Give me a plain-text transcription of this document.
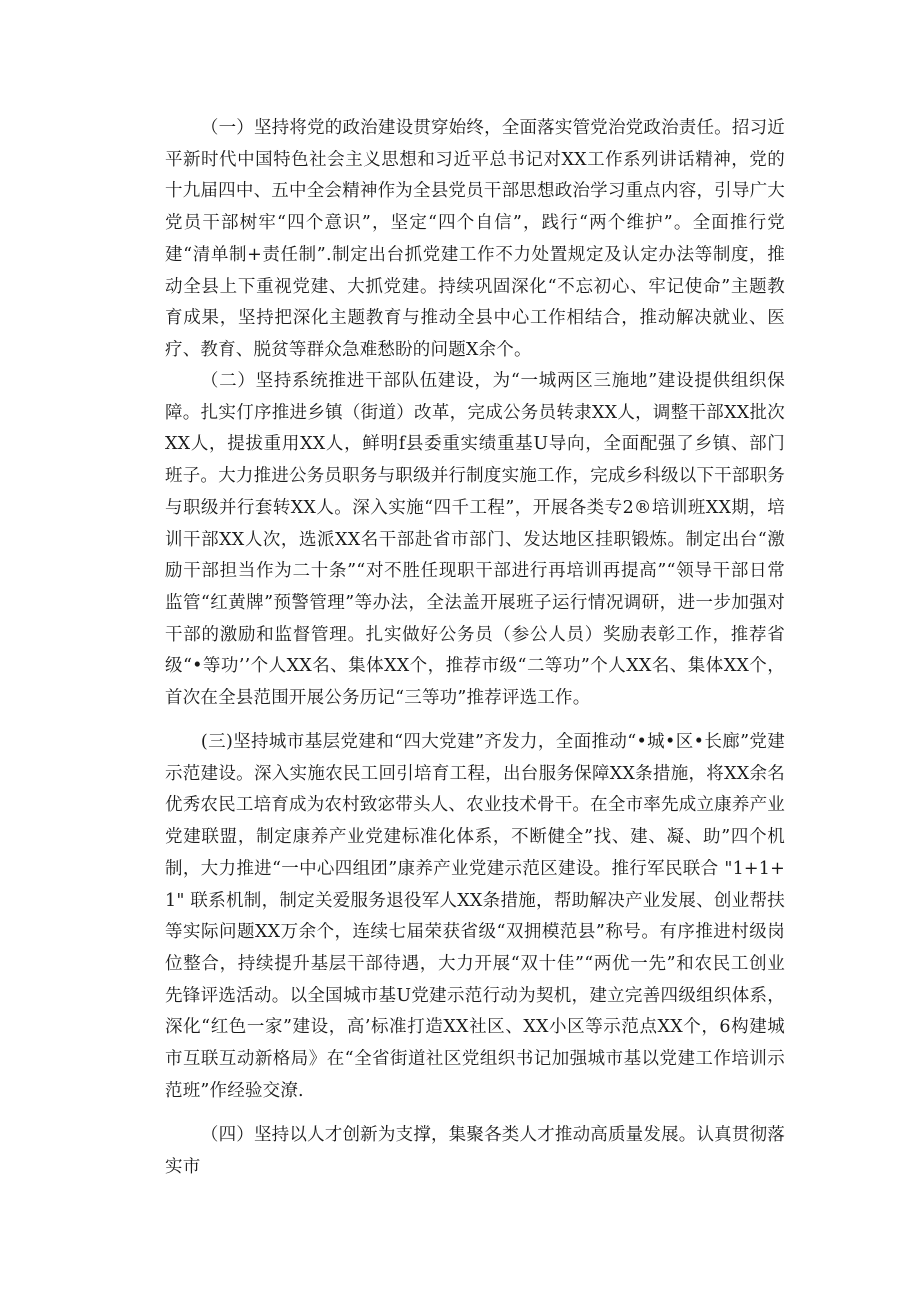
（一）坚持将党的政治建设贯穿始终，全面落实管党治党政治责任。招习近平新时代中国特色社会主义思想和习近平总书记对XX工作系列讲话精神，党的十九届四中、五中全会精神作为全县党员干部思想政治学习重点内容，引导广大党员干部树牢“四个意识”，坚定“四个自信”，践行“两个维护”。全面推行党建“清单制+责任制”.制定出台抓党建工作不力处置规定及认定办法等制度，推动全县上下重视党建、大抓党建。持续巩固深化“不忘初心、牢记使命”主题教育成果，坚持把深化主题教育与推动全县中心工作相结合，推动解决就业、医疗、教育、脱贫等群众急难愁盼的问题X余个。

（二）坚持系统推进干部队伍建设，为“一城两区三施地”建设提供组织保障。扎实仃序推进乡镇（街道）改革，完成公务员转隶XX人，调整干部XX批次XX人，提拔重用XX人，鲜明f县委重实绩重基U导向，全面配强了乡镇、部门班子。大力推进公务员职务与职级并行制度实施工作，完成乡科级以下干部职务与职级并行套转XX人。深入实施“四千工程”，开展各类专2®培训班XX期，培训干部XX人次，选派XX名干部赴省市部门、发达地区挂职锻炼。制定出台“激励干部担当作为二十条”“对不胜任现职干部进行再培训再提高”“领导干部日常监管“红黄牌”预警管理”等办法，全法盖开展班子运行情况调研，进一步加强对干部的激励和监督管理。扎实做好公务员（参公人员）奖励表彰工作，推荐省级“•等功’’个人XX名、集体XX个，推荐市级“二等功”个人XX名、集体XX个，首次在全县范围开展公务历记“三等功”推荐评选工作。

(三)坚持城市基层党建和“四大党建”齐发力，全面推动“•城•区•长廊”党建示范建设。深入实施农民工回引培育工程，出台服务保障XX条措施，将XX余名优秀农民工培育成为农村致宓带头人、农业技术骨干。在全市率先成立康养产业党建联盟，制定康养产业党建标准化体系，不断健全”找、建、凝、助”四个机制，大力推进“一中心四组团”康养产业党建示范区建设。推行军民联合 "1+1+1" 联系机制，制定关爱服务退役军人XX条措施，帮助解决产业发展、创业帮扶等实际问题XX万余个，连续七届荣获省级“双拥模范县”称号。有序推进村级岗位整合，持续提升基层干部待遇，大力开展“双十佳”“两优一先”和农民工创业先锋评选活动。以全国城市基U党建示范行动为契机，建立完善四级组织体系，深化“红色一家”建设，高’标准打造XX社区、XX小区等示范点XX个，6构建城市互联互动新格局》在“全省街道社区党组织书记加强城市基以党建工作培训示范班”作经验交潦.

（四）坚持以人才创新为支撑，集聚各类人才推动高质量发展。认真贯彻落实市
